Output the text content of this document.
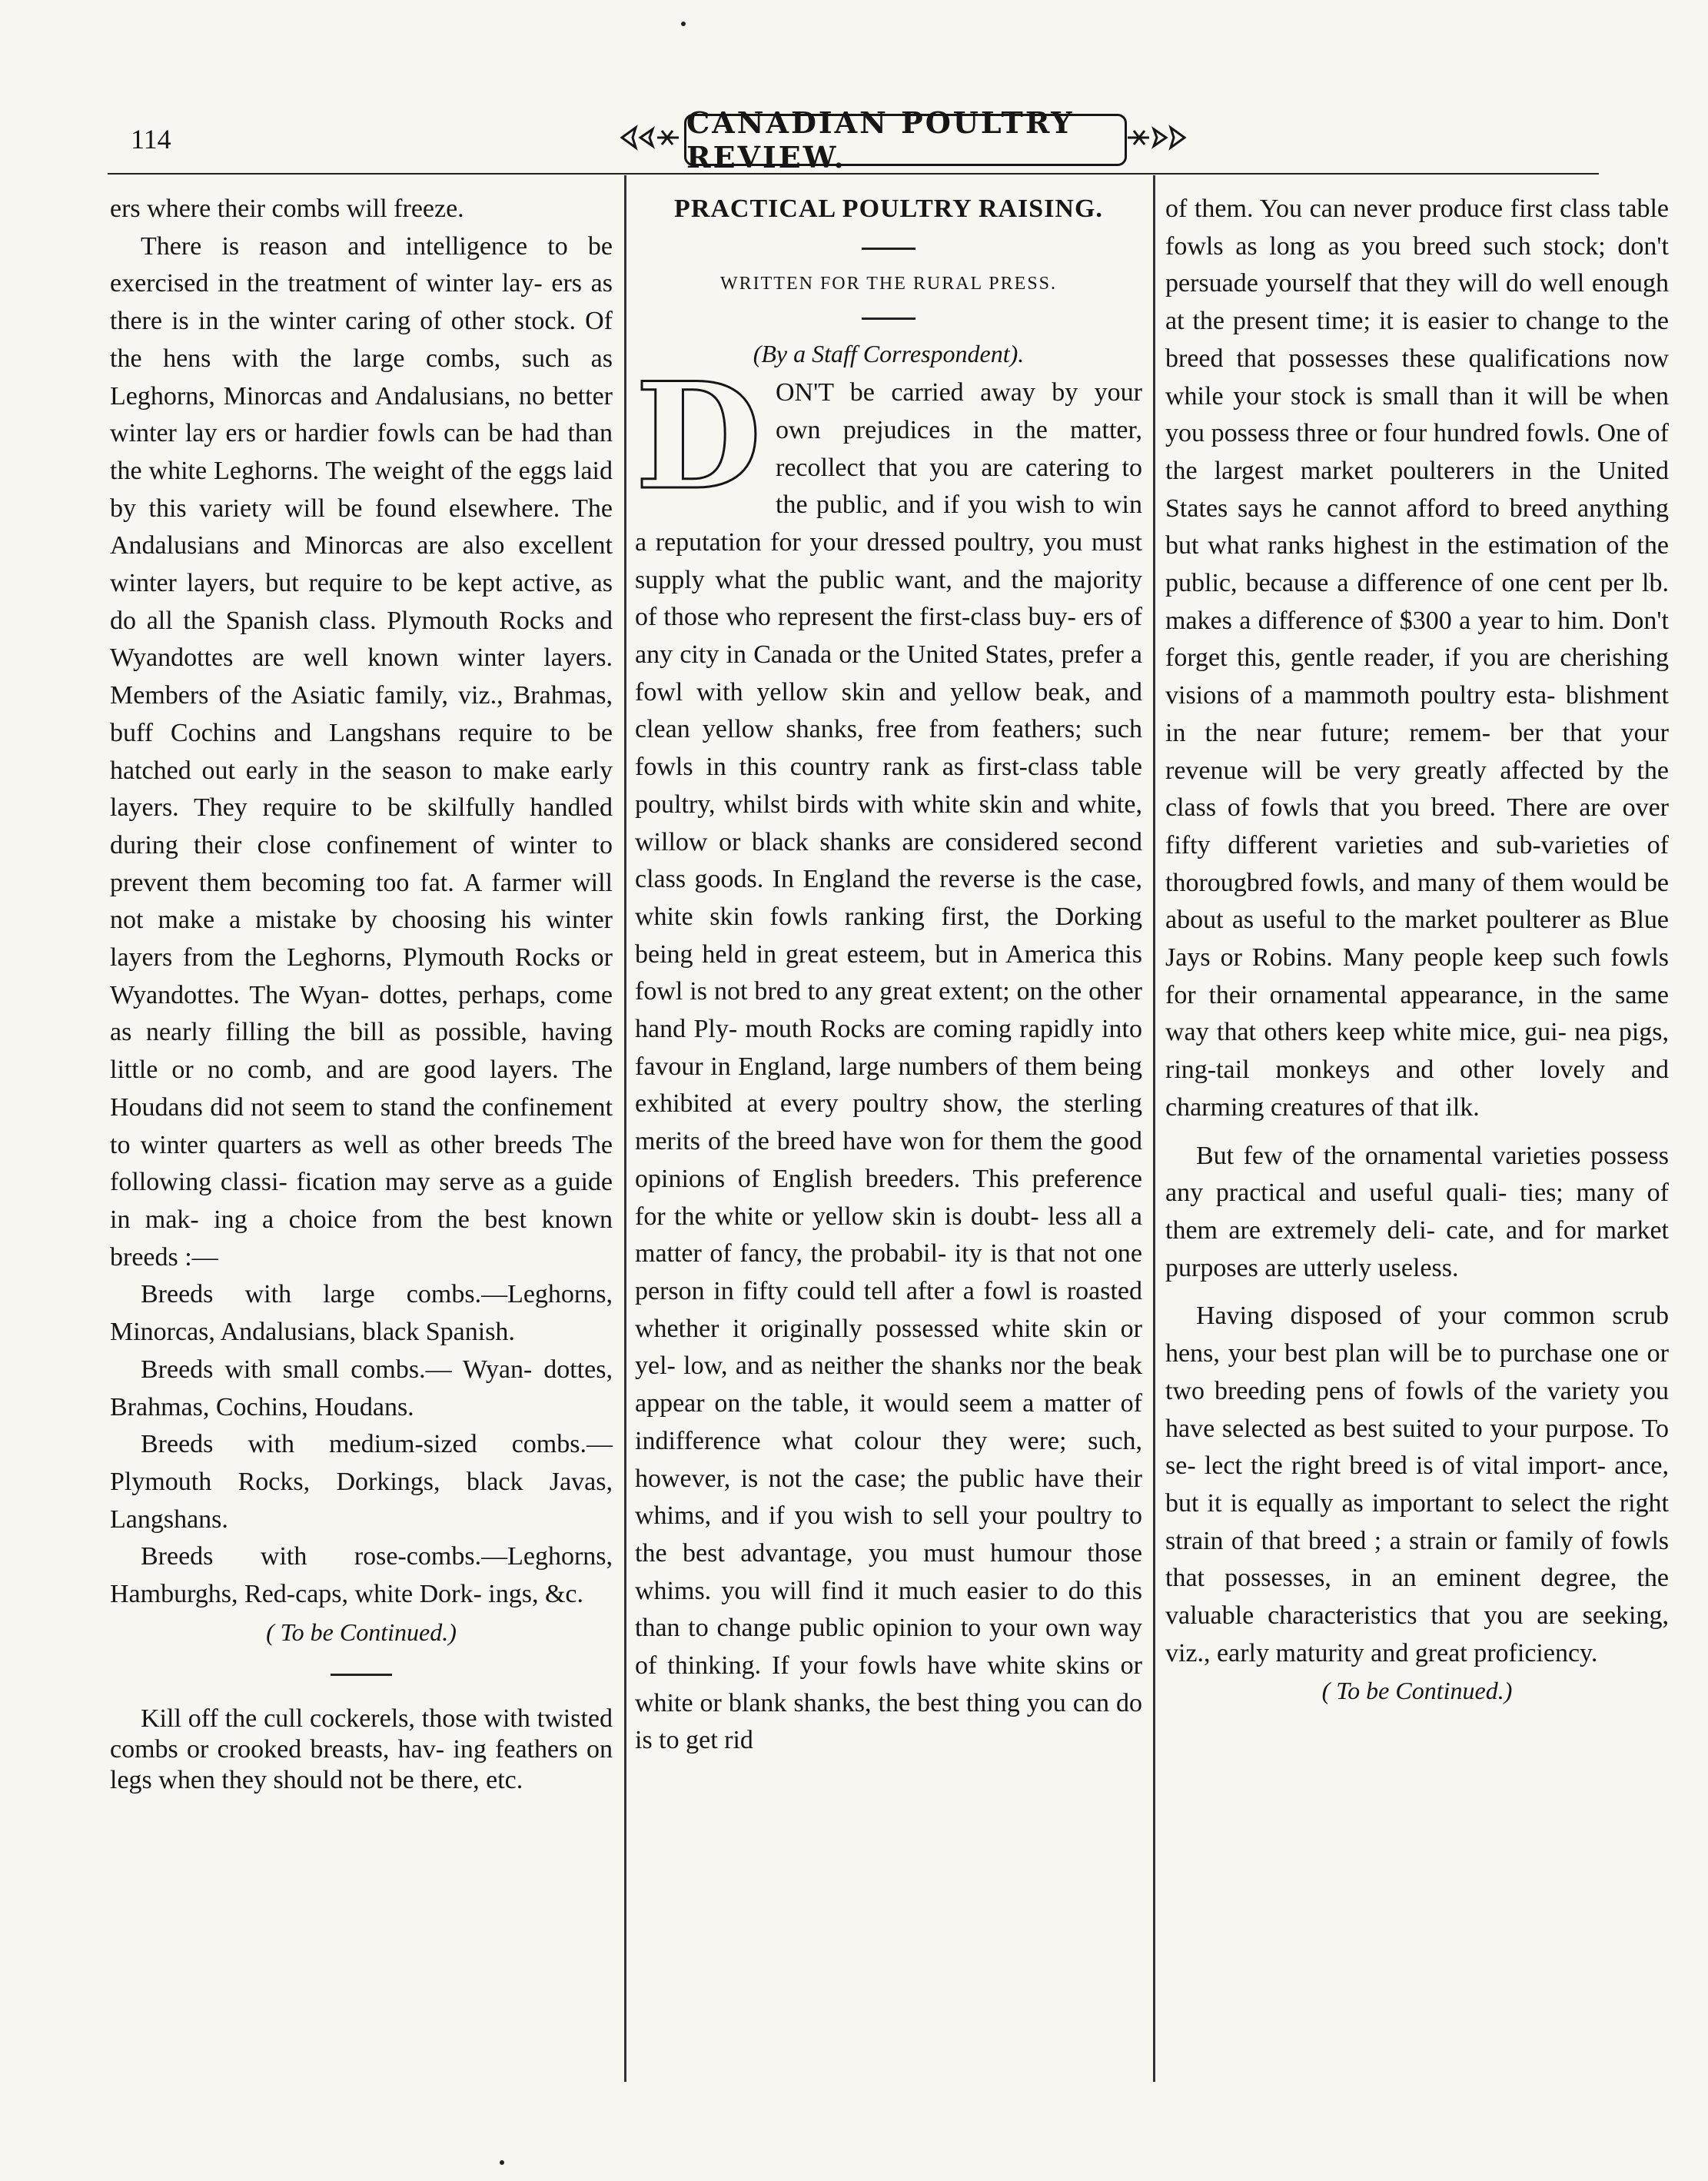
114	CANADIAN POULTRY REVIEW.

ers where their combs will freeze.

There is reason and intelligence to be exercised in the treatment of winter lay- ers as there is in the winter caring of other stock. Of the hens with the large combs, such as Leghorns, Minorcas and Andalusians, no better winter lay ers or hardier fowls can be had than the white Leghorns. The weight of the eggs laid by this variety will be found elsewhere. The Andalusians and Minorcas are also excellent winter layers, but require to be kept active, as do all the Spanish class. Plymouth Rocks and Wyandottes are well known winter layers. Members of the Asiatic family, viz., Brahmas, buff Cochins and Langshans require to be hatched out early in the season to make early layers. They require to be skilfully handled during their close confinement of winter to prevent them becoming too fat. A farmer will not make a mistake by choosing his winter layers from the Leghorns, Plymouth Rocks or Wyandottes. The Wyan- dottes, perhaps, come as nearly filling the bill as possible, having little or no comb, and are good layers. The Houdans did not seem to stand the confinement to winter quarters as well as other breeds The following classi- fication may serve as a guide in mak- ing a choice from the best known breeds :—

Breeds with large combs.—Leghorns, Minorcas, Andalusians, black Spanish.

Breeds with small combs.— Wyan- dottes, Brahmas, Cochins, Houdans.

Breeds with medium-sized combs.— Plymouth Rocks, Dorkings, black Javas, Langshans.

Breeds with rose-combs.—Leghorns, Hamburghs, Red-caps, white Dork- ings, &c.

( To be Continued.)

Kill off the cull cockerels, those with twisted combs or crooked breasts, hav- ing feathers on legs when they should not be there, etc.

PRACTICAL POULTRY RAISING.
WRITTEN FOR THE RURAL PRESS.
(By a Staff Correspondent).

D ON'T be carried away by your own prejudices in the matter, recollect that you are catering to the public, and if you wish to win a reputation for your dressed poultry, you must supply what the public want, and the majority of those who represent the first-class buy- ers of any city in Canada or the United States, prefer a fowl with yellow skin and yellow beak, and clean yellow shanks, free from feathers; such fowls in this country rank as first-class table poultry, whilst birds with white skin and white, willow or black shanks are considered second class goods. In England the reverse is the case, white skin fowls ranking first, the Dorking being held in great esteem, but in America this fowl is not bred to any great extent; on the other hand Ply- mouth Rocks are coming rapidly into favour in England, large numbers of them being exhibited at every poultry show, the sterling merits of the breed have won for them the good opinions of English breeders. This preference for the white or yellow skin is doubt- less all a matter of fancy, the probabil- ity is that not one person in fifty could tell after a fowl is roasted whether it originally possessed white skin or yel- low, and as neither the shanks nor the beak appear on the table, it would seem a matter of indifference what colour they were; such, however, is not the case; the public have their whims, and if you wish to sell your poultry to the best advantage, you must humour those whims. you will find it much easier to do this than to change public opinion to your own way of thinking. If your fowls have white skins or white or blank shanks, the best thing you can do is to get rid

of them. You can never produce first class table fowls as long as you breed such stock; don't persuade yourself that they will do well enough at the present time; it is easier to change to the breed that possesses these qualifications now while your stock is small than it will be when you possess three or four hundred fowls. One of the largest market poulterers in the United States says he cannot afford to breed anything but what ranks highest in the estimation of the public, because a difference of one cent per lb. makes a difference of $300 a year to him. Don't forget this, gentle reader, if you are cherishing visions of a mammoth poultry esta- blishment in the near future; remem- ber that your revenue will be very greatly affected by the class of fowls that you breed. There are over fifty different varieties and sub-varieties of thorougbred fowls, and many of them would be about as useful to the market poulterer as Blue Jays or Robins. Many people keep such fowls for their ornamental appearance, in the same way that others keep white mice, gui- nea pigs, ring-tail monkeys and other lovely and charming creatures of that ilk.

But few of the ornamental varieties possess any practical and useful quali- ties; many of them are extremely deli- cate, and for market purposes are utterly useless.

Having disposed of your common scrub hens, your best plan will be to purchase one or two breeding pens of fowls of the variety you have selected as best suited to your purpose. To se- lect the right breed is of vital import- ance, but it is equally as important to select the right strain of that breed ; a strain or family of fowls that possesses, in an eminent degree, the valuable characteristics that you are seeking, viz., early maturity and great proficiency.

( To be Continued.)
